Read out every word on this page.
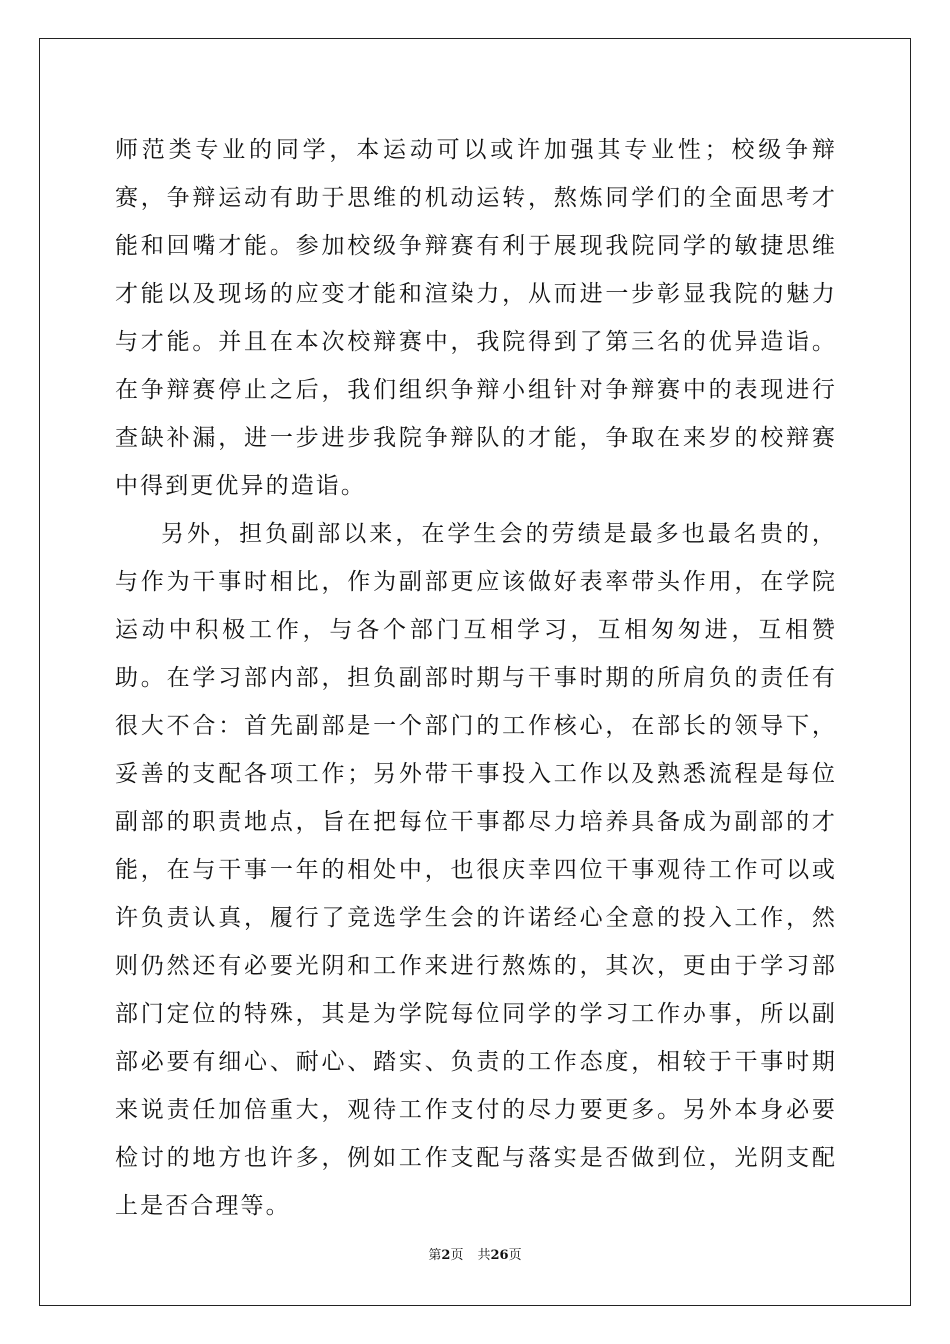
师范类专业的同学，本运动可以或许加强其专业性；校级争辩赛，争辩运动有助于思维的机动运转，熬炼同学们的全面思考才能和回嘴才能。参加校级争辩赛有利于展现我院同学的敏捷思维才能以及现场的应变才能和渲染力，从而进一步彰显我院的魅力与才能。并且在本次校辩赛中，我院得到了第三名的优异造诣。在争辩赛停止之后，我们组织争辩小组针对争辩赛中的表现进行查缺补漏，进一步进步我院争辩队的才能，争取在来岁的校辩赛中得到更优异的造诣。

另外，担负副部以来，在学生会的劳绩是最多也最名贵的，与作为干事时相比，作为副部更应该做好表率带头作用，在学院运动中积极工作，与各个部门互相学习，互相匆匆进，互相赞助。在学习部内部，担负副部时期与干事时期的所肩负的责任有很大不合：首先副部是一个部门的工作核心，在部长的领导下，妥善的支配各项工作；另外带干事投入工作以及熟悉流程是每位副部的职责地点，旨在把每位干事都尽力培养具备成为副部的才能，在与干事一年的相处中，也很庆幸四位干事观待工作可以或许负责认真，履行了竞选学生会的许诺经心全意的投入工作，然则仍然还有必要光阴和工作来进行熬炼的，其次，更由于学习部部门定位的特殊，其是为学院每位同学的学习工作办事，所以副部必要有细心、耐心、踏实、负责的工作态度，相较于干事时期来说责任加倍重大，观待工作支付的尽力要更多。另外本身必要检讨的地方也许多，例如工作支配与落实是否做到位，光阴支配上是否合理等。

第2页 共26页
